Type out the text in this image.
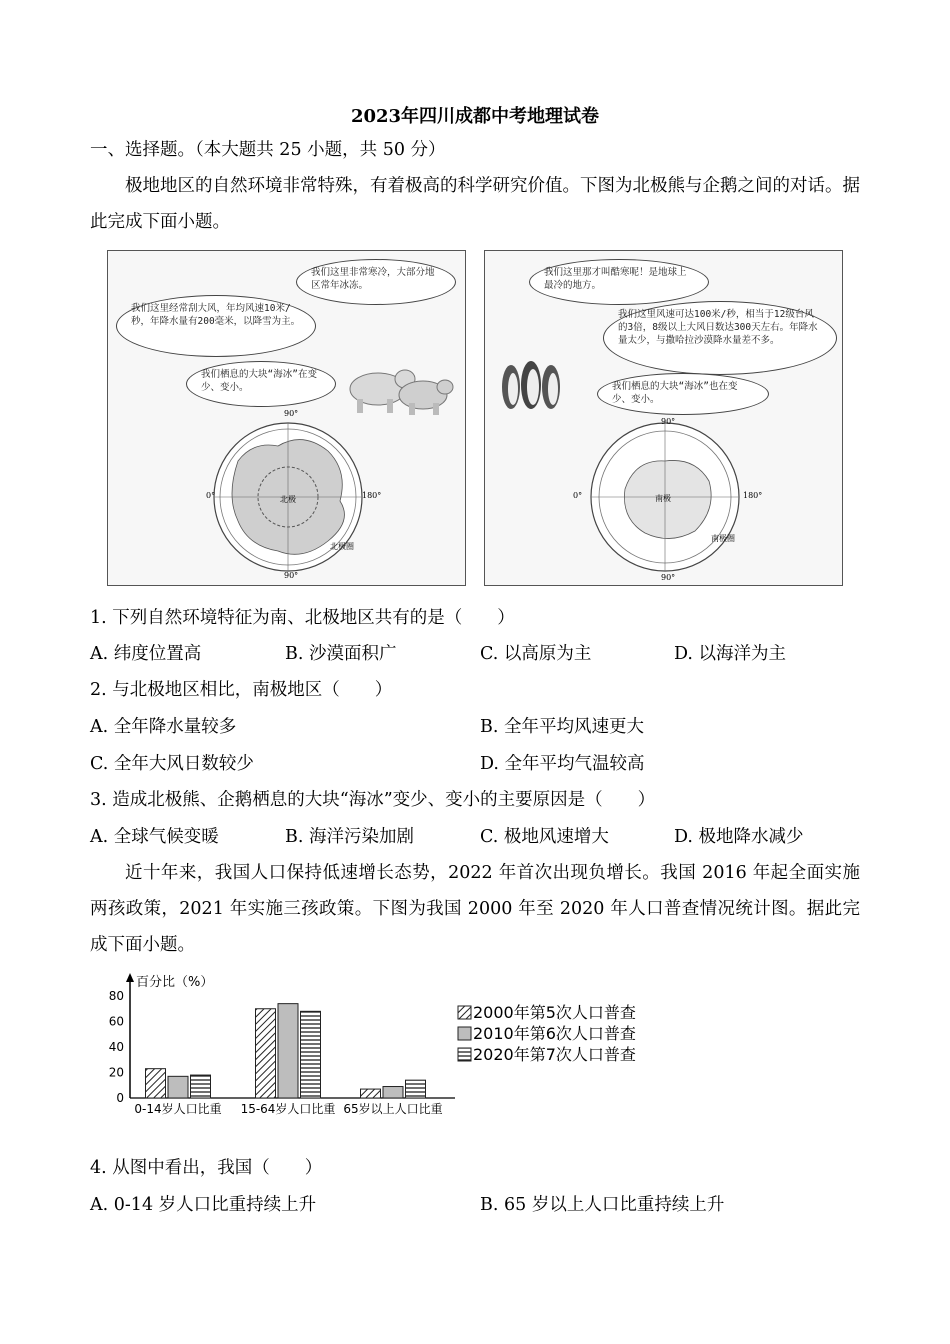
2023年四川成都中考地理试卷
一、选择题。（本大题共 25 小题，共 50 分）
极地地区的自然环境非常特殊，有着极高的科学研究价值。下图为北极熊与企鹅之间的对话。据此完成下面小题。
我们这里非常寒冷，大部分地区常年冰冻。
我们这里经常刮大风，年均风速10米/秒，年降水量有200毫米，以降雪为主。
我们栖息的大块“海冰”在变少、变小。
90°
0°	180°
90°
北极
北极圈
我们这里那才叫酷寒呢！是地球上最冷的地方。
我们这里风速可达100米/秒，相当于12级台风的3倍，8级以上大风日数达300天左右。年降水量太少，与撒哈拉沙漠降水量差不多。
我们栖息的大块“海冰”也在变少、变小。
90°
0°	180°
90°
南极
南极圈
1. 下列自然环境特征为南、北极地区共有的是（　　）
A. 纬度位置高	B. 沙漠面积广	C. 以高原为主	D. 以海洋为主
2. 与北极地区相比，南极地区（　　）
A. 全年降水量较多	B. 全年平均风速更大
C. 全年大风日数较少	D. 全年平均气温较高
3. 造成北极熊、企鹅栖息的大块“海冰”变少、变小的主要原因是（　　）
A. 全球气候变暖	B. 海洋污染加剧	C. 极地风速增大	D. 极地降水减少
近十年来，我国人口保持低速增长态势，2022 年首次出现负增长。我国 2016 年起全面实施两孩政策，2021 年实施三孩政策。下图为我国 2000 年至 2020 年人口普查情况统计图。据此完成下面小题。
百分比（%）
0
20
40
60
80
0-14岁人口比重 15-64岁人口比重 65岁以上人口比重
2000年第5次人口普查
2010年第6次人口普查
2020年第7次人口普查
4. 从图中看出，我国（　　）
A. 0-14 岁人口比重持续上升	B. 65 岁以上人口比重持续上升
